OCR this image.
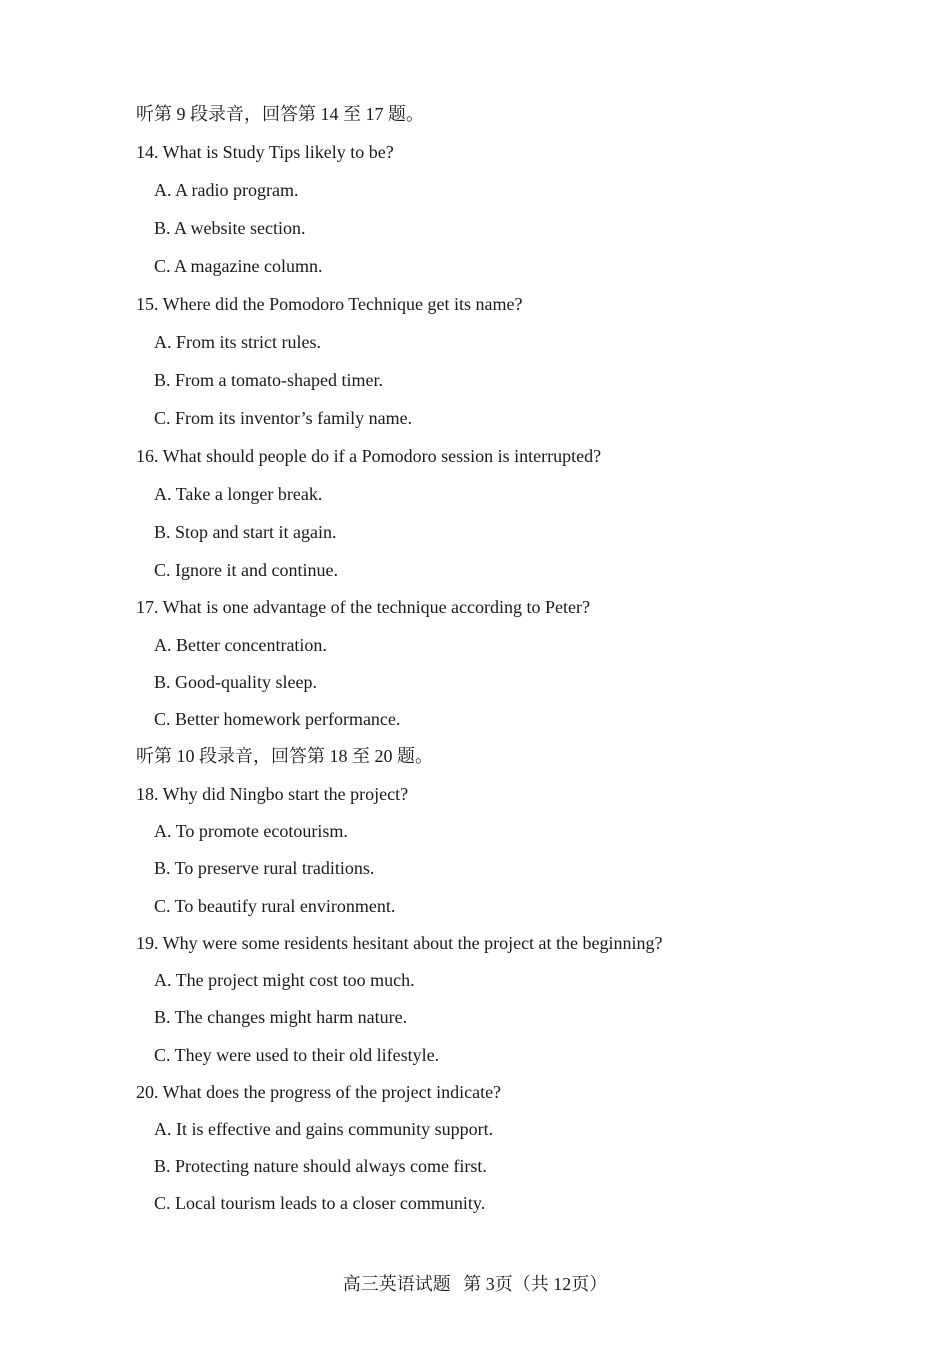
听第 9 段录音，回答第 14 至 17 题。
14. What is Study Tips likely to be?
A. A radio program.
B. A website section.
C. A magazine column.
15. Where did the Pomodoro Technique get its name?
A. From its strict rules.
B. From a tomato-shaped timer.
C. From its inventor’s family name.
16. What should people do if a Pomodoro session is interrupted?
A. Take a longer break.
B. Stop and start it again.
C. Ignore it and continue.
17. What is one advantage of the technique according to Peter?
A. Better concentration.
B. Good-quality sleep.
C. Better homework performance.
听第 10 段录音，回答第 18 至 20 题。
18. Why did Ningbo start the project?
A. To promote ecotourism.
B. To preserve rural traditions.
C. To beautify rural environment.
19. Why were some residents hesitant about the project at the beginning?
A. The project might cost too much.
B. The changes might harm nature.
C. They were used to their old lifestyle.
20. What does the progress of the project indicate?
A. It is effective and gains community support.
B. Protecting nature should always come first.
C. Local tourism leads to a closer community.
高三英语试题 第 3页（共 12页）
